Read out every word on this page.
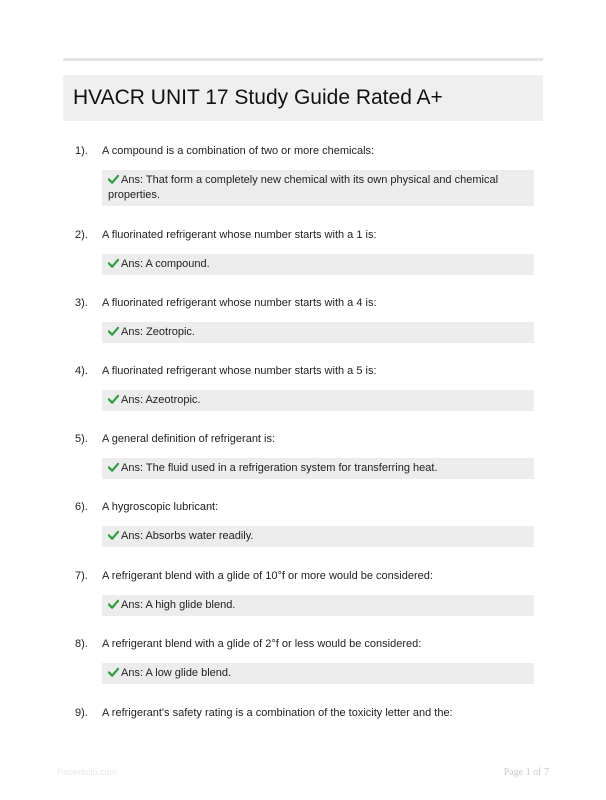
HVACR UNIT 17 Study Guide Rated A+
1). A compound is a combination of two or more chemicals:
Ans: That form a completely new chemical with its own physical and chemical properties.
2). A fluorinated refrigerant whose number starts with a 1 is:
Ans: A compound.
3). A fluorinated refrigerant whose number starts with a 4 is:
Ans: Zeotropic.
4). A fluorinated refrigerant whose number starts with a 5 is:
Ans: Azeotropic.
5). A general definition of refrigerant is:
Ans: The fluid used in a refrigeration system for transferring heat.
6). A hygroscopic lubricant:
Ans: Absorbs water readily.
7). A refrigerant blend with a glide of 10°f or more would be considered:
Ans: A high glide blend.
8). A refrigerant blend with a glide of 2°f or less would be considered:
Ans: A low glide blend.
9). A refrigerant's safety rating is a combination of the toxicity letter and the:
Paperfolio.com	Page 1 of 7
